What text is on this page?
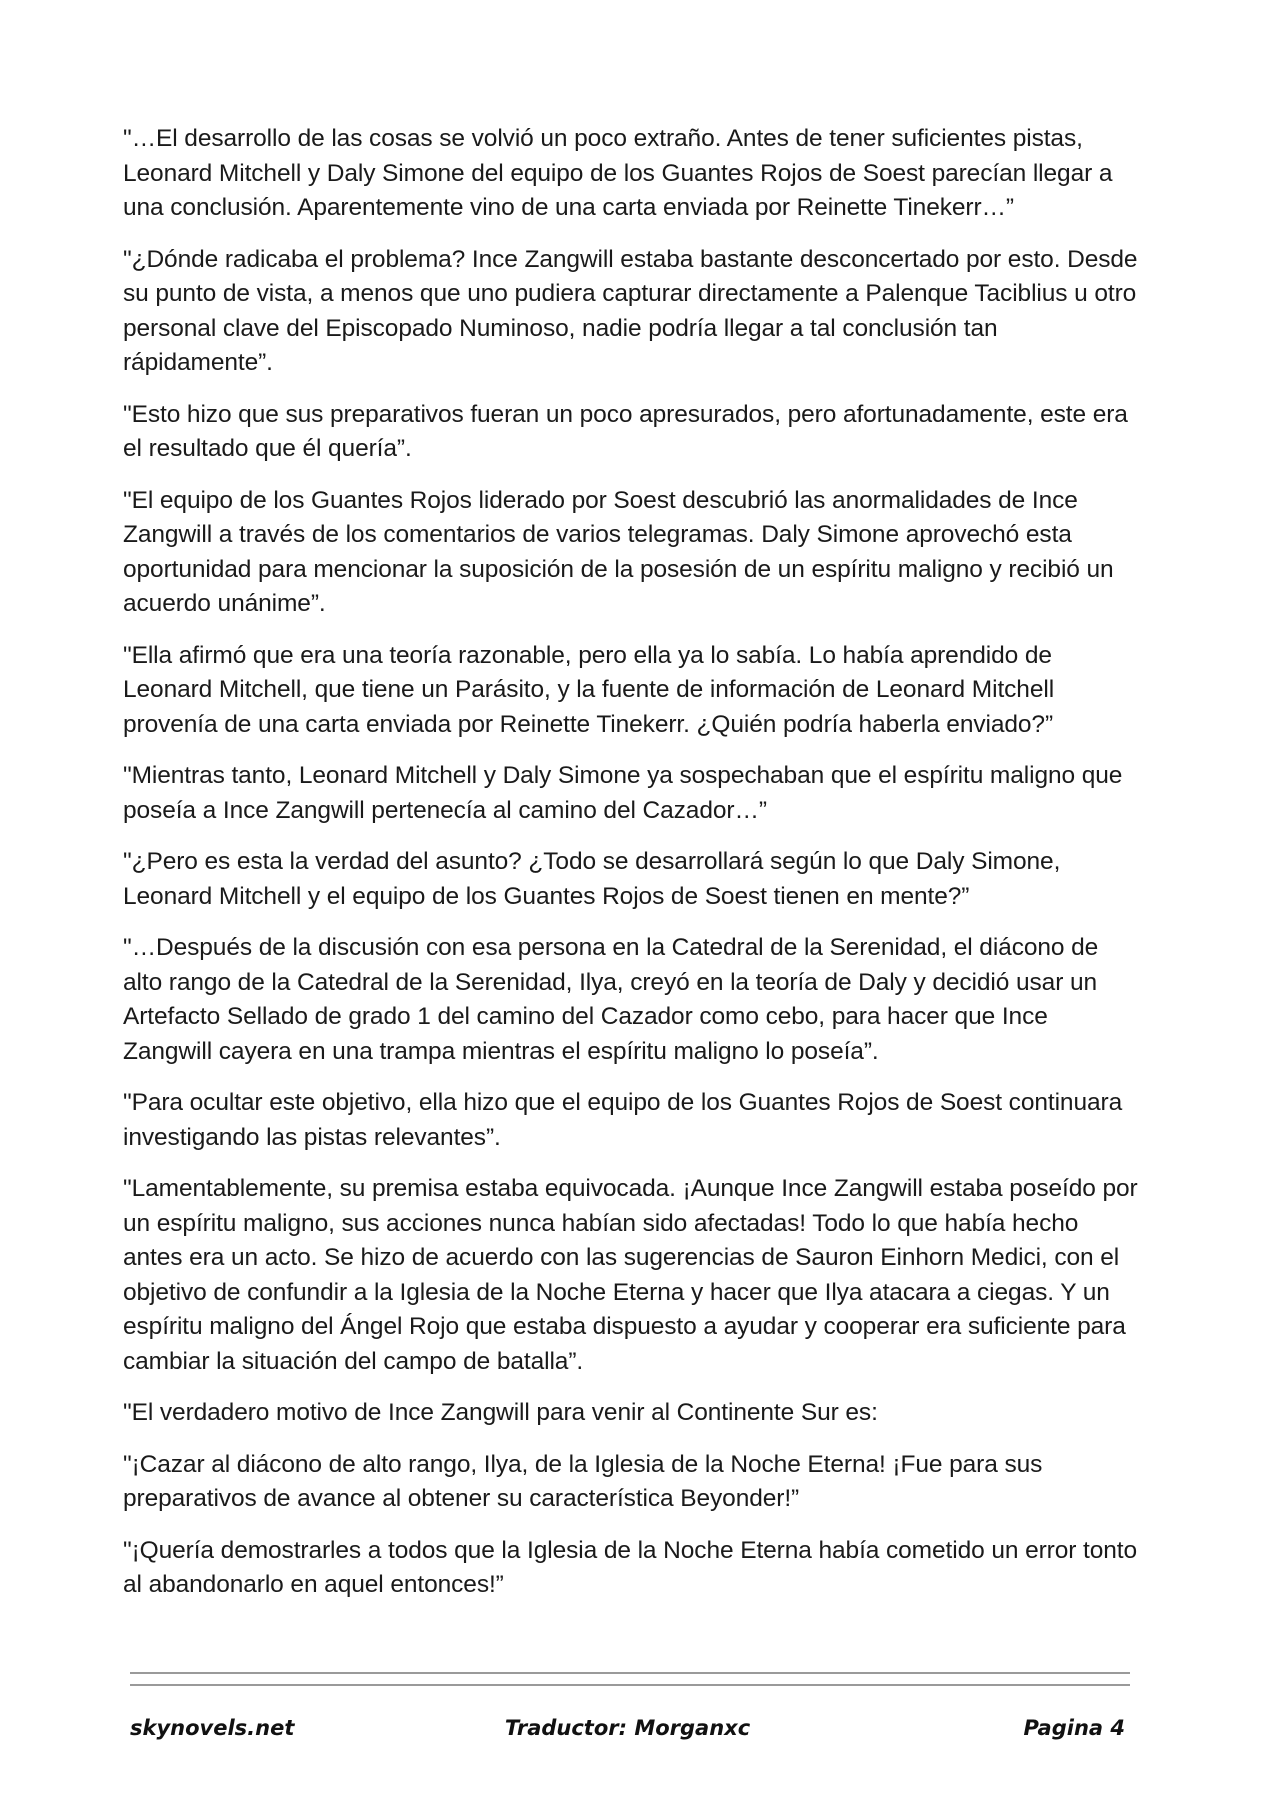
"…El desarrollo de las cosas se volvió un poco extraño. Antes de tener suficientes pistas, Leonard Mitchell y Daly Simone del equipo de los Guantes Rojos de Soest parecían llegar a una conclusión. Aparentemente vino de una carta enviada por Reinette Tinekerr…”

"¿Dónde radicaba el problema? Ince Zangwill estaba bastante desconcertado por esto. Desde su punto de vista, a menos que uno pudiera capturar directamente a Palenque Taciblius u otro personal clave del Episcopado Numinoso, nadie podría llegar a tal conclusión tan rápidamente”.

"Esto hizo que sus preparativos fueran un poco apresurados, pero afortunadamente, este era el resultado que él quería”.

"El equipo de los Guantes Rojos liderado por Soest descubrió las anormalidades de Ince Zangwill a través de los comentarios de varios telegramas. Daly Simone aprovechó esta oportunidad para mencionar la suposición de la posesión de un espíritu maligno y recibió un acuerdo unánime”.

"Ella afirmó que era una teoría razonable, pero ella ya lo sabía. Lo había aprendido de Leonard Mitchell, que tiene un Parásito, y la fuente de información de Leonard Mitchell provenía de una carta enviada por Reinette Tinekerr. ¿Quién podría haberla enviado?”

"Mientras tanto, Leonard Mitchell y Daly Simone ya sospechaban que el espíritu maligno que poseía a Ince Zangwill pertenecía al camino del Cazador…”

"¿Pero es esta la verdad del asunto? ¿Todo se desarrollará según lo que Daly Simone, Leonard Mitchell y el equipo de los Guantes Rojos de Soest tienen en mente?”

"…Después de la discusión con esa persona en la Catedral de la Serenidad, el diácono de alto rango de la Catedral de la Serenidad, Ilya, creyó en la teoría de Daly y decidió usar un Artefacto Sellado de grado 1 del camino del Cazador como cebo, para hacer que Ince Zangwill cayera en una trampa mientras el espíritu maligno lo poseía”.

"Para ocultar este objetivo, ella hizo que el equipo de los Guantes Rojos de Soest continuara investigando las pistas relevantes”.

"Lamentablemente, su premisa estaba equivocada. ¡Aunque Ince Zangwill estaba poseído por un espíritu maligno, sus acciones nunca habían sido afectadas! Todo lo que había hecho antes era un acto. Se hizo de acuerdo con las sugerencias de Sauron Einhorn Medici, con el objetivo de confundir a la Iglesia de la Noche Eterna y hacer que Ilya atacara a ciegas. Y un espíritu maligno del Ángel Rojo que estaba dispuesto a ayudar y cooperar era suficiente para cambiar la situación del campo de batalla”.

"El verdadero motivo de Ince Zangwill para venir al Continente Sur es:

"¡Cazar al diácono de alto rango, Ilya, de la Iglesia de la Noche Eterna! ¡Fue para sus preparativos de avance al obtener su característica Beyonder!”

"¡Quería demostrarles a todos que la Iglesia de la Noche Eterna había cometido un error tonto al abandonarlo en aquel entonces!”

skynovels.net	Traductor: Morganxc	Pagina 4
